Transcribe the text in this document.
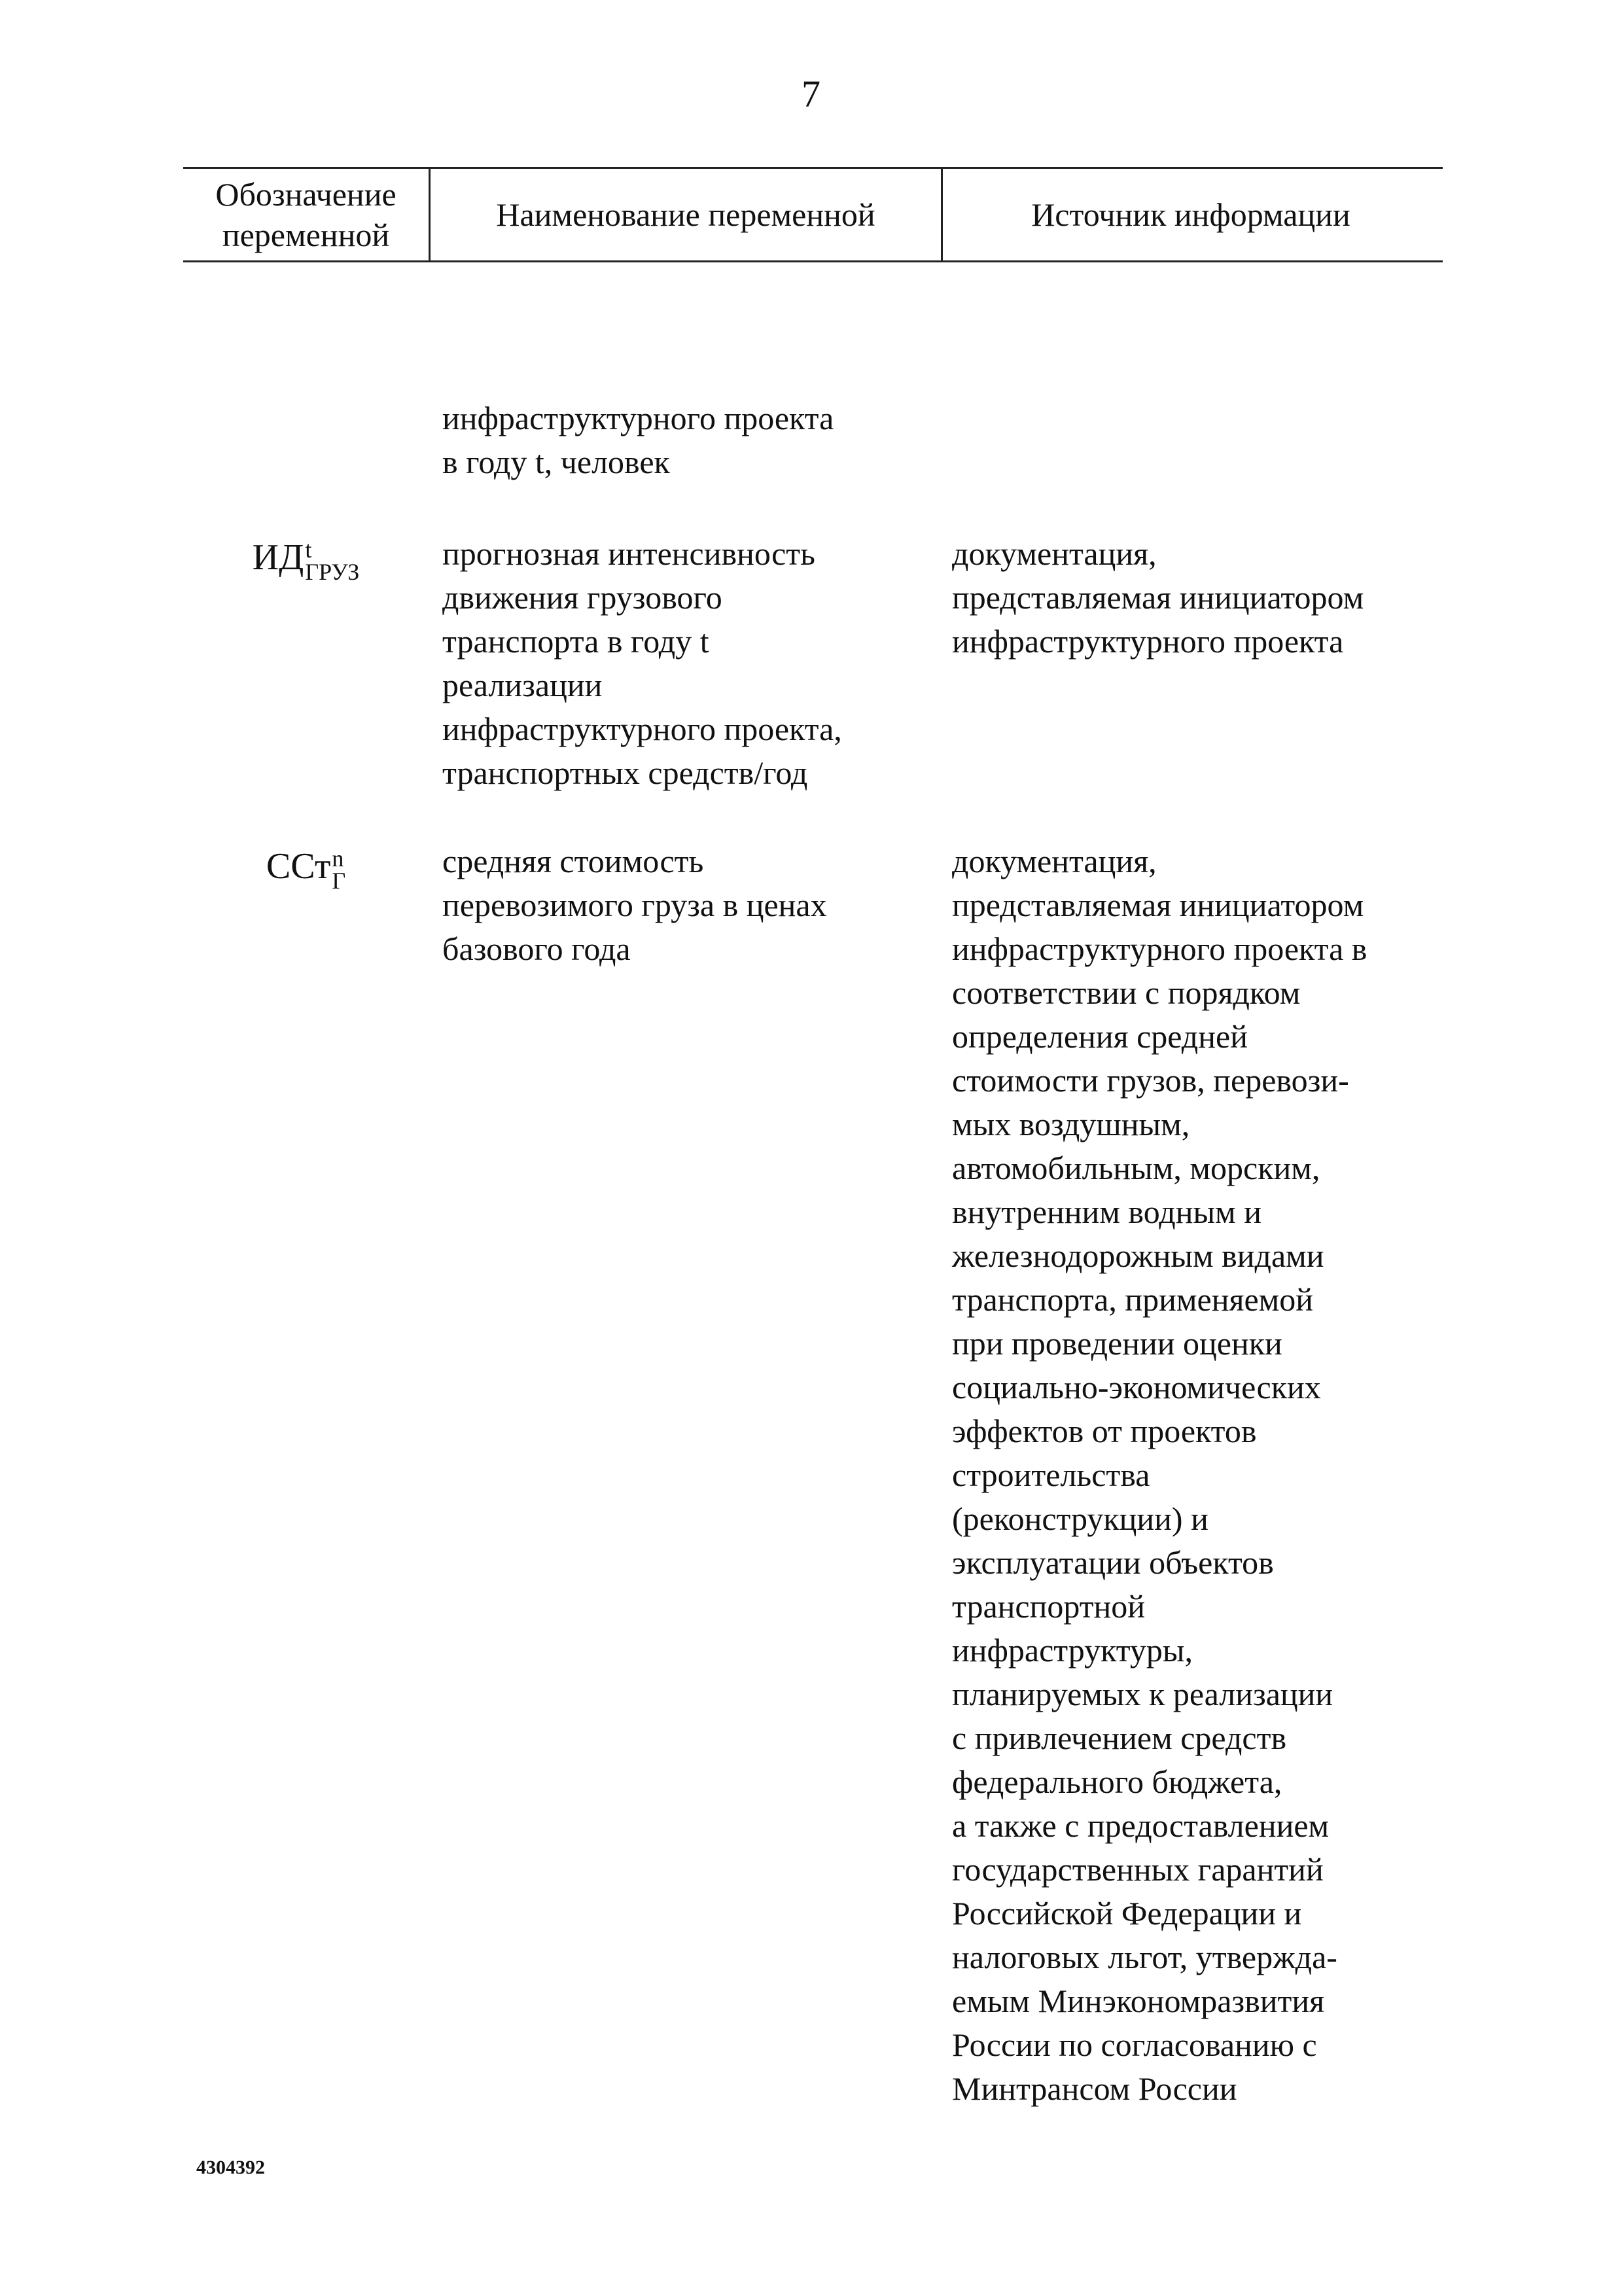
7
Обозначение
переменной
Наименование переменной	Источник информации
инфраструктурного проекта
в году t, человек
ИД t
ГРУЗ
прогнозная интенсивность
движения грузового
транспорта в году t
реализации
инфраструктурного проекта,
транспортных средств/год
документация,
представляемая инициатором
инфраструктурного проекта
ССт n
Г
средняя стоимость
перевозимого груза в ценах
базового года
документация,
представляемая инициатором
инфраструктурного проекта в
соответствии с порядком
определения средней
стоимости грузов, перевози-
мых воздушным,
автомобильным, морским,
внутренним водным и
железнодорожным видами
транспорта, применяемой
при проведении оценки
социально-экономических
эффектов от проектов
строительства
(реконструкции) и
эксплуатации объектов
транспортной
инфраструктуры,
планируемых к реализации
с привлечением средств
федерального бюджета,
а также с предоставлением
государственных гарантий
Российской Федерации и
налоговых льгот, утвержда-
емым Минэкономразвития
России по согласованию с
Минтрансом России
4304392
